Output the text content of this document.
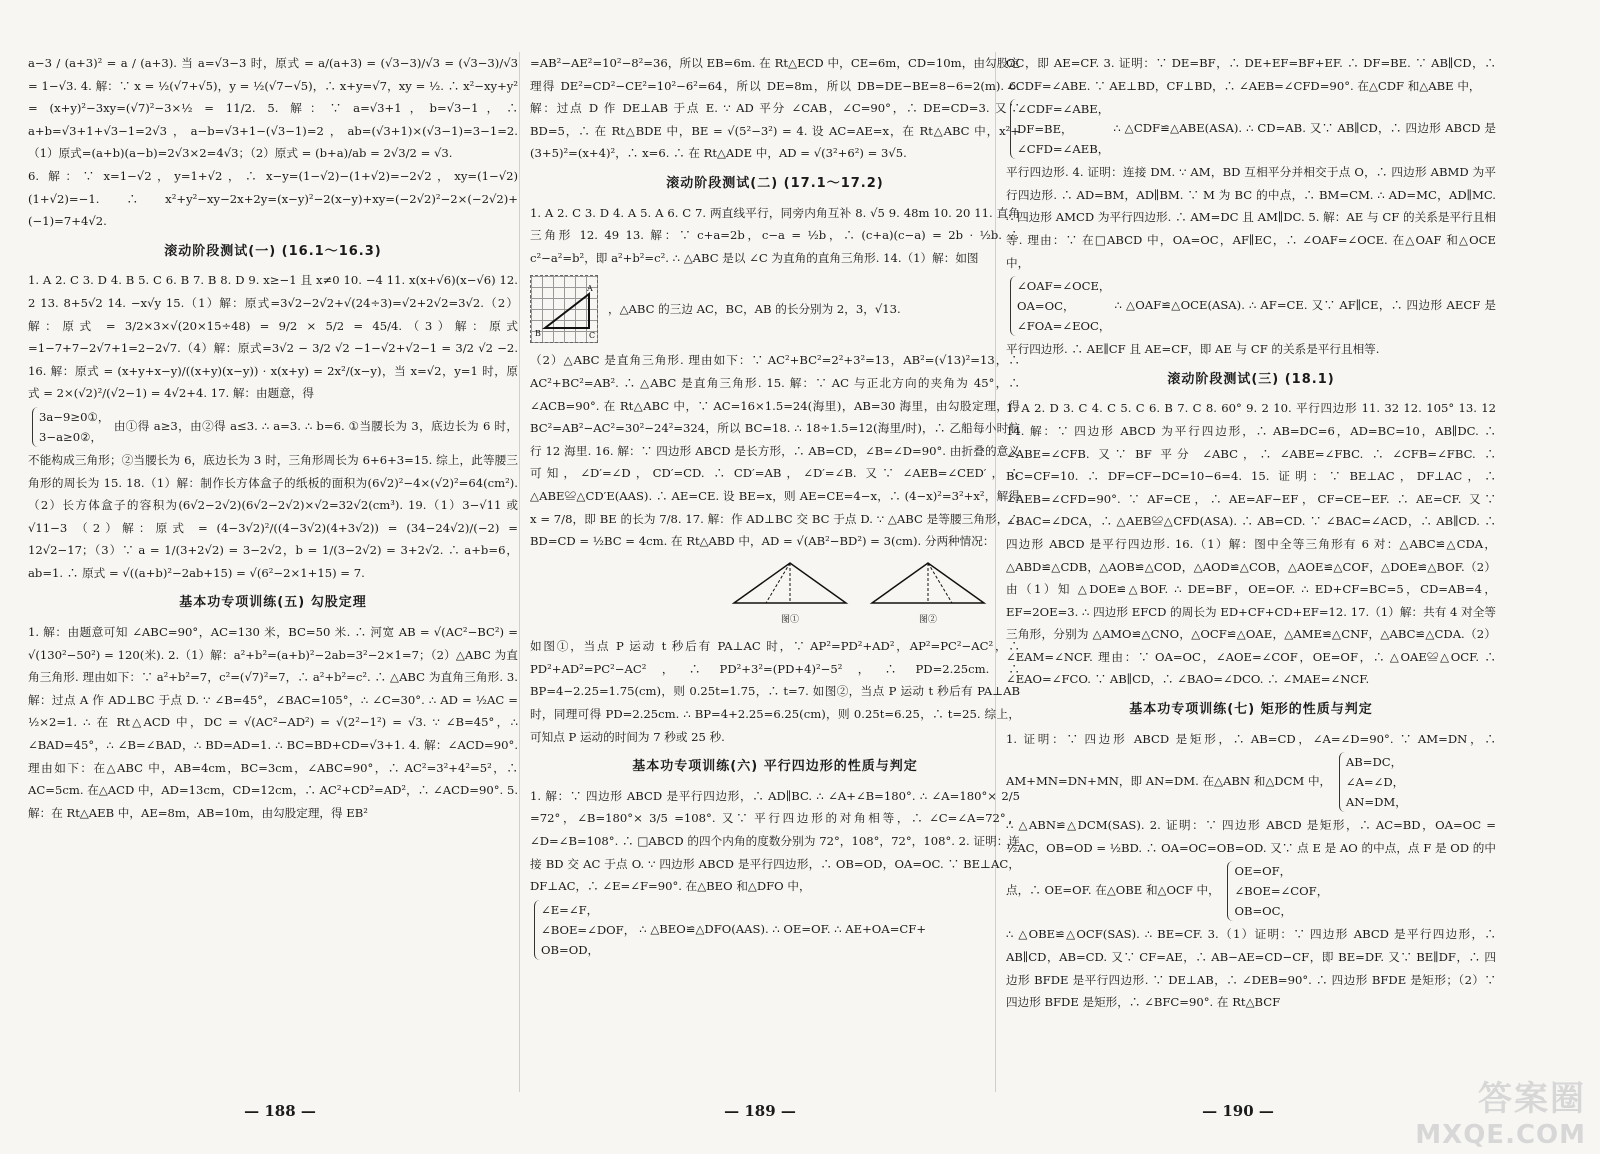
a−3 / (a+3)² = a / (a+3). 当 a=√3−3 时，原式 = a/(a+3) = (√3−3)/√3 = (√3−3)/√3 = 1−√3. 4. 解：∵ x = ½(√7+√5)，y = ½(√7−√5)，∴ x+y=√7，xy = ½. ∴ x²−xy+y² = (x+y)²−3xy=(√7)²−3×½ = 11/2. 5. 解：∵ a=√3+1，b=√3−1，∴ a+b=√3+1+√3−1=2√3，a−b=√3+1−(√3−1)=2，ab=(√3+1)×(√3−1)=3−1=2.（1）原式=(a+b)(a−b)=2√3×2=4√3；（2）原式 = (b+a)/ab = 2√3/2 = √3.

6. 解：∵ x=1−√2，y=1+√2，∴ x−y=(1−√2)−(1+√2)=−2√2，xy=(1−√2)(1+√2)=−1. ∴ x²+y²−xy−2x+2y=(x−y)²−2(x−y)+xy=(−2√2)²−2×(−2√2)+(−1)=7+4√2.

滚动阶段测试(一) (16.1～16.3)

1. A 2. C 3. D 4. B 5. C 6. B 7. B 8. D 9. x≥−1 且 x≠0 10. −4 11. x(x+√6)(x−√6) 12. 2 13. 8+5√2 14. −x√y 15.（1）解：原式=3√2−2√2+√(24÷3)=√2+2√2=3√2.（2）解：原式 = 3/2×3×√(20×15÷48) = 9/2 × 5/2 = 45/4.（3）解：原式=1−7+7−2√7+1=2−2√7.（4）解：原式=3√2 − 3/2 √2 −1−√2+√2−1 = 3/2 √2 −2. 16. 解：原式 = (x+y+x−y)/((x+y)(x−y)) · x(x+y) = 2x²/(x−y)，当 x=√2，y=1 时，原式 = 2×(√2)²/(√2−1) = 4√2+4. 17. 解：由题意，得

3a−9≥0①，
3−a≥0②，由①得 a≥3，由②得 a≤3. ∴ a=3. ∴ b=6. ①当腰长为 3，底边长为 6 时，不能构成三角形；②当腰长为 6，底边长为 3 时，三角形周长为 6+6+3=15. 综上，此等腰三角形的周长为 15. 18.（1）解：制作长方体盒子的纸板的面积为(6√2)²−4×(√2)²=64(cm²).（2）长方体盒子的容积为(6√2−2√2)(6√2−2√2)×√2=32√2(cm³). 19.（1）3−√11 或 √11−3 （2）解：原式 = (4−3√2)²/((4−3√2)(4+3√2)) = (34−24√2)/(−2) = 12√2−17；（3）∵ a = 1/(3+2√2) = 3−2√2，b = 1/(3−2√2) = 3+2√2. ∴ a+b=6，ab=1. ∴ 原式 = √((a+b)²−2ab+15) = √(6²−2×1+15) = 7.

基本功专项训练(五) 勾股定理

1. 解：由题意可知 ∠ABC=90°，AC=130 米，BC=50 米. ∴ 河宽 AB = √(AC²−BC²) = √(130²−50²) = 120(米). 2.（1）解：a²+b²=(a+b)²−2ab=3²−2×1=7；（2）△ABC 为直角三角形. 理由如下：∵ a²+b²=7，c²=(√7)²=7，∴ a²+b²=c². ∴ △ABC 为直角三角形. 3. 解：过点 A 作 AD⊥BC 于点 D. ∵ ∠B=45°，∠BAC=105°，∴ ∠C=30°. ∴ AD = ½AC = ½×2=1. ∴ 在 Rt△ACD 中，DC = √(AC²−AD²) = √(2²−1²) = √3. ∵ ∠B=45°，∴ ∠BAD=45°，∴ ∠B=∠BAD，∴ BD=AD=1. ∴ BC=BD+CD=√3+1. 4. 解：∠ACD=90°. 理由如下：在△ABC 中，AB=4cm，BC=3cm，∠ABC=90°，∴ AC²=3²+4²=5²，∴ AC=5cm. 在△ACD 中，AD=13cm，CD=12cm，∴ AC²+CD²=AD²，∴ ∠ACD=90°. 5. 解：在 Rt△AEB 中，AE=8m，AB=10m，由勾股定理，得 EB²

=AB²−AE²=10²−8²=36，所以 EB=6m. 在 Rt△ECD 中，CE=6m，CD=10m，由勾股定理得 DE²=CD²−CE²=10²−6²=64，所以 DE=8m，所以 DB=DE−BE=8−6=2(m). 6. 解：过点 D 作 DE⊥AB 于点 E. ∵ AD 平分 ∠CAB，∠C=90°，∴ DE=CD=3. 又∵ BD=5，∴ 在 Rt△BDE 中，BE = √(5²−3²) = 4. 设 AC=AE=x，在 Rt△ABC 中，x²+(3+5)²=(x+4)²，∴ x=6. ∴ 在 Rt△ADE 中，AD = √(3²+6²) = 3√5.

滚动阶段测试(二) (17.1～17.2)

1. A 2. C 3. D 4. A 5. A 6. C 7. 两直线平行，同旁内角互补 8. √5 9. 48m 10. 20 11. 直角三角形 12. 49 13. 解：∵ c+a=2b，c−a = ½b，∴ (c+a)(c−a) = 2b · ½b. ∴ c²−a²=b²，即 a²+b²=c². ∴ △ABC 是以 ∠C 为直角的直角三角形. 14.（1）解：如图

B	C
A
，△ABC 的三边 AC，BC，AB 的长分别为 2，3，√13.

（2）△ABC 是直角三角形. 理由如下：∵ AC²+BC²=2²+3²=13，AB²=(√13)²=13，∴ AC²+BC²=AB². ∴ △ABC 是直角三角形. 15. 解：∵ AC 与正北方向的夹角为 45°，∴ ∠ACB=90°. 在 Rt△ABC 中，∵ AC=16×1.5=24(海里)，AB=30 海里，由勾股定理，得 BC²=AB²−AC²=30²−24²=324，所以 BC=18. ∴ 18÷1.5=12(海里/时)，∴ 乙船每小时航行 12 海里. 16. 解：∵ 四边形 ABCD 是长方形，∴ AB=CD，∠B=∠D=90°. 由折叠的意义可知，∠D′=∠D，CD′=CD. ∴ CD′=AB，∠D′=∠B. 又∵ ∠AEB=∠CED′，∴ △ABE≌△CD′E(AAS). ∴ AE=CE. 设 BE=x，则 AE=CE=4−x，∴ (4−x)²=3²+x²，解得 x = 7/8，即 BE 的长为 7/8. 17. 解：作 AD⊥BC 交 BC 于点 D. ∵ △ABC 是等腰三角形，∴ BD=CD = ½BC = 4cm. 在 Rt△ABD 中，AD = √(AB²−BD²) = 3(cm). 分两种情况：

图①	图②

如图①，当点 P 运动 t 秒后有 PA⊥AC 时，∵ AP²=PD²+AD²，AP²=PC²−AC²，∴ PD²+AD²=PC²−AC²，∴ PD²+3²=(PD+4)²−5²，∴ PD=2.25cm. ∴ BP=4−2.25=1.75(cm)，则 0.25t=1.75，∴ t=7. 如图②，当点 P 运动 t 秒后有 PA⊥AB 时，同理可得 PD=2.25cm. ∴ BP=4+2.25=6.25(cm)，则 0.25t=6.25，∴ t=25. 综上，可知点 P 运动的时间为 7 秒或 25 秒.

基本功专项训练(六) 平行四边形的性质与判定

1. 解：∵ 四边形 ABCD 是平行四边形，∴ AD∥BC. ∴ ∠A+∠B=180°. ∴ ∠A=180°× 2/5 =72°，∠B=180°× 3/5 =108°. 又∵ 平行四边形的对角相等，∴ ∠C=∠A=72°，∠D=∠B=108°. ∴ □ABCD 的四个内角的度数分别为 72°，108°，72°，108°. 2. 证明：连接 BD 交 AC 于点 O. ∵ 四边形 ABCD 是平行四边形，∴ OB=OD，OA=OC. ∵ BE⊥AC，DF⊥AC，∴ ∠E=∠F=90°. 在△BEO 和△DFO 中，

∠E=∠F，
∠BOE=∠DOF，
OB=OD，∴ △BEO≌△DFO(AAS). ∴ OE=OF. ∴ AE+OA=CF+

OC，即 AE=CF. 3. 证明：∵ DE=BF，∴ DE+EF=BF+EF. ∴ DF=BE. ∵ AB∥CD，∴ ∠CDF=∠ABE. ∵ AE⊥BD，CF⊥BD，∴ ∠AEB=∠CFD=90°. 在△CDF 和△ABE 中，

∠CDF=∠ABE，
DF=BE，
∠CFD=∠AEB，∴ △CDF≌△ABE(ASA). ∴ CD=AB. 又∵ AB∥CD，∴ 四边形 ABCD 是平行四边形. 4. 证明：连接 DM. ∵ AM，BD 互相平分并相交于点 O，∴ 四边形 ABMD 为平行四边形. ∴ AD=BM，AD∥BM. ∵ M 为 BC 的中点，∴ BM=CM. ∴ AD=MC，AD∥MC. ∴ 四边形 AMCD 为平行四边形. ∴ AM=DC 且 AM∥DC. 5. 解：AE 与 CF 的关系是平行且相等. 理由：∵ 在□ABCD 中，OA=OC，AF∥EC，∴ ∠OAF=∠OCE. 在△OAF 和△OCE 中，

∠OAF=∠OCE，
OA=OC，
∠FOA=∠EOC，∴ △OAF≌△OCE(ASA). ∴ AF=CE. 又∵ AF∥CE，∴ 四边形 AECF 是平行四边形. ∴ AE∥CF 且 AE=CF，即 AE 与 CF 的关系是平行且相等.

滚动阶段测试(三) (18.1)

1. A 2. D 3. C 4. C 5. C 6. B 7. C 8. 60° 9. 2 10. 平行四边形 11. 32 12. 105° 13. 12 14. 解：∵ 四边形 ABCD 为平行四边形，∴ AB=DC=6，AD=BC=10，AB∥DC. ∴ ∠ABE=∠CFB. 又∵ BF 平分 ∠ABC，∴ ∠ABE=∠FBC. ∴ ∠CFB=∠FBC. ∴ BC=CF=10. ∴ DF=CF−DC=10−6=4. 15. 证明：∵ BE⊥AC，DF⊥AC，∴ ∠AEB=∠CFD=90°. ∵ AF=CE，∴ AE=AF−EF，CF=CE−EF. ∴ AE=CF. 又∵ ∠BAC=∠DCA，∴ △AEB≌△CFD(ASA). ∴ AB=CD. ∵ ∠BAC=∠ACD，∴ AB∥CD. ∴ 四边形 ABCD 是平行四边形. 16.（1）解：图中全等三角形有 6 对：△ABC≌△CDA，△ABD≌△CDB，△AOB≌△COD，△AOD≌△COB，△AOE≌△COF，△DOE≌△BOF.（2）由（1）知 △DOE≌△BOF. ∴ DE=BF，OE=OF. ∴ ED+CF=BC=5，CD=AB=4，EF=2OE=3. ∴ 四边形 EFCD 的周长为 ED+CF+CD+EF=12. 17.（1）解：共有 4 对全等三角形，分别为 △AMO≌△CNO，△OCF≌△OAE，△AME≌△CNF，△ABC≌△CDA.（2）∠EAM=∠NCF. 理由：∵ OA=OC，∠AOE=∠COF，OE=OF，∴ △OAE≌△OCF. ∴ ∠EAO=∠FCO. ∵ AB∥CD，∴ ∠BAO=∠DCO. ∴ ∠MAE=∠NCF.

基本功专项训练(七) 矩形的性质与判定

1. 证明：∵ 四边形 ABCD 是矩形，∴ AB=CD，∠A=∠D=90°. ∵ AM=DN，∴ AM+MN=DN+MN，即 AN=DM. 在△ABN 和△DCM 中， AB=DC，
∠A=∠D，
AN=DM，

∴ △ABN≌△DCM(SAS). 2. 证明：∵ 四边形 ABCD 是矩形，∴ AC=BD，OA=OC = ½AC，OB=OD = ½BD. ∴ OA=OC=OB=OD. 又∵ 点 E 是 AO 的中点，点 F 是 OD 的中点，∴ OE=OF. 在△OBE 和△OCF 中， OE=OF，
∠BOE=∠COF，
OB=OC，

∴ △OBE≌△OCF(SAS). ∴ BE=CF. 3.（1）证明：∵ 四边形 ABCD 是平行四边形，∴ AB∥CD，AB=CD. 又∵ CF=AE，∴ AB−AE=CD−CF，即 BE=DF. 又∵ BE∥DF，∴ 四边形 BFDE 是平行四边形. ∵ DE⊥AB，∴ ∠DEB=90°. ∴ 四边形 BFDE 是矩形；（2）∵ 四边形 BFDE 是矩形，∴ ∠BFC=90°. 在 Rt△BCF

— 188 —	— 189 —	— 190 —	答案圈
MXQE.COM
